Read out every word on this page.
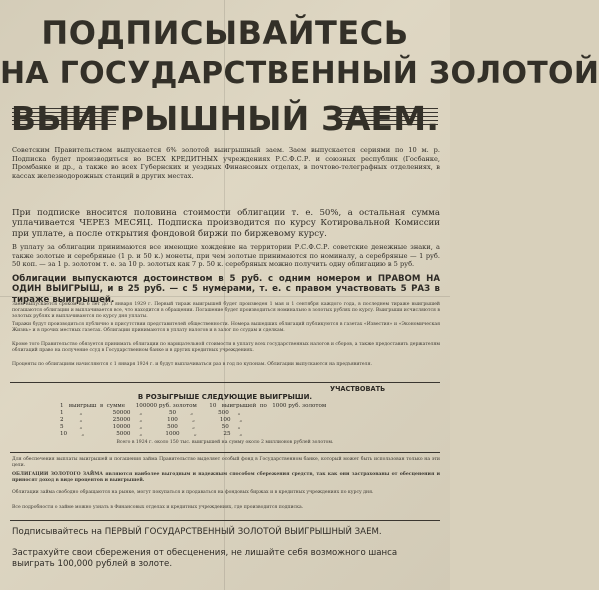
ПОДПИСЫВАЙТЕСЬ
НА ГОСУДАРСТВЕННЫЙ ЗОЛОТОЙ
ВЫИГРЫШНЫЙ ЗАЕМ.
Советским Правительством выпускается 6% золотой выигрышный заем. Заем выпускается сериями по 10 м. р. Подписка будет производиться во ВСЕХ КРЕДИТНЫХ учреждениях Р.С.Ф.С.Р. и союзных республик (Госбанке, Промбанке и др., а также во всех Губернских и уездных Финансовых отделах, в почтово-телеграфных отделениях, в кассах железнодорожных станций в других местах.
При подписке вносится половина стоимости облигации т. е. 50%, а остальная сумма уплачивается ЧЕРЕЗ МЕСЯЦ. Подписка производится по курсу Котировальной Комиссии при уплате, а после открытия фондовой биржи по биржевому курсу.
В уплату за облигации принимаются все имеющие хождение на территории Р.С.Ф.С.Р. советские денежные знаки, а также золотые и серебряные (1 р. и 50 к.) монеты, при чем золотые принимаются по номиналу, а серебряные — 1 руб. 50 коп. — за 1 р. золотом т. е. за 10 р. золотых как 7 р. 50 к. серебряных можно получить одну облигацию в 5 руб.
Облигации выпускаются достоинством в 5 руб. с одним номером и ПРАВОМ НА ОДИН ВЫИГРЫШ, и в 25 руб. — с 5 нумерами, т. е. с правом участвовать 5 РАЗ в тираже выигрышей.
Заем выпускается сроком на 6 лет до 1 января 1929 г. Первый тираж выигрышей будет произведен 1 мая и 1 сентября каждого года, в последнем тираже выигрышей погашаются облигации и выплачивается все, что находится в обращении. Погашение будет производиться номинально в золотых рублях по курсу. Выигрыши исчисляются в золотых рублях и выплачиваются по курсу дня уплаты.
Тиражи будут производиться публично в присутствии представителей общественности. Номера вышедших облигаций публикуются в газетах «Известия» и «Экономическая Жизнь» и в прочих местных газетах. Облигации принимаются в уплату налогов и в залог по ссудам и сделкам.
Кроме того Правительство обязуется принимать облигации по нарицательной стоимости в уплату всех государственных налогов и сборов, а также предоставить держателям облигаций право на получение ссуд в Государственном банке и в других кредитных учреждениях.
Проценты по облигациям начисляются с 1 января 1924 г. и будут выплачиваться раз в год по купонам. Облигации выпускаются на предъявителя.
УЧАСТВОВАТЬ
В РОЗЫГРЫШЕ СЛЕДУЮЩИЕ ВЫИГРЫШИ.
1   выигрыш  в  сумме      100000 руб. золотом       10   выигрышей  по   1000 руб. золотом
1         „                 50000     „               50        „              500     „
2         „                 25000     „              100        „              100     „
5         „                 10000     „              500        „               50     „
10        „                  5000     „             1000        „               25     „
Всего в 1924 г. около 150 тыс. выигрышей на сумму около 2 миллионов рублей золотом.
Для обеспечения выплаты выигрышей и погашения займа Правительство выделяет особый фонд в Государственном банке, который может быть использован только на эти цели.
ОБЛИГАЦИИ ЗОЛОТОГО ЗАЙМА являются наиболее выгодным и надежным способом сбережения средств, так как они застрахованы от обесценения и приносят доход в виде процентов и выигрышей.
Облигации займа свободно обращаются на рынке, могут покупаться и продаваться на фондовых биржах и в кредитных учреждениях по курсу дня.
Все подробности о займе можно узнать в Финансовых отделах и кредитных учреждениях, где производится подписка.
Подписывайтесь на ПЕРВЫЙ ГОСУДАРСТВЕННЫЙ ЗОЛОТОЙ ВЫИГРЫШНЫЙ ЗАЕМ.
Застрахуйте свои сбережения от обесценения, не лишайте себя возможного шанса выиграть 100,000 рублей в золоте.
